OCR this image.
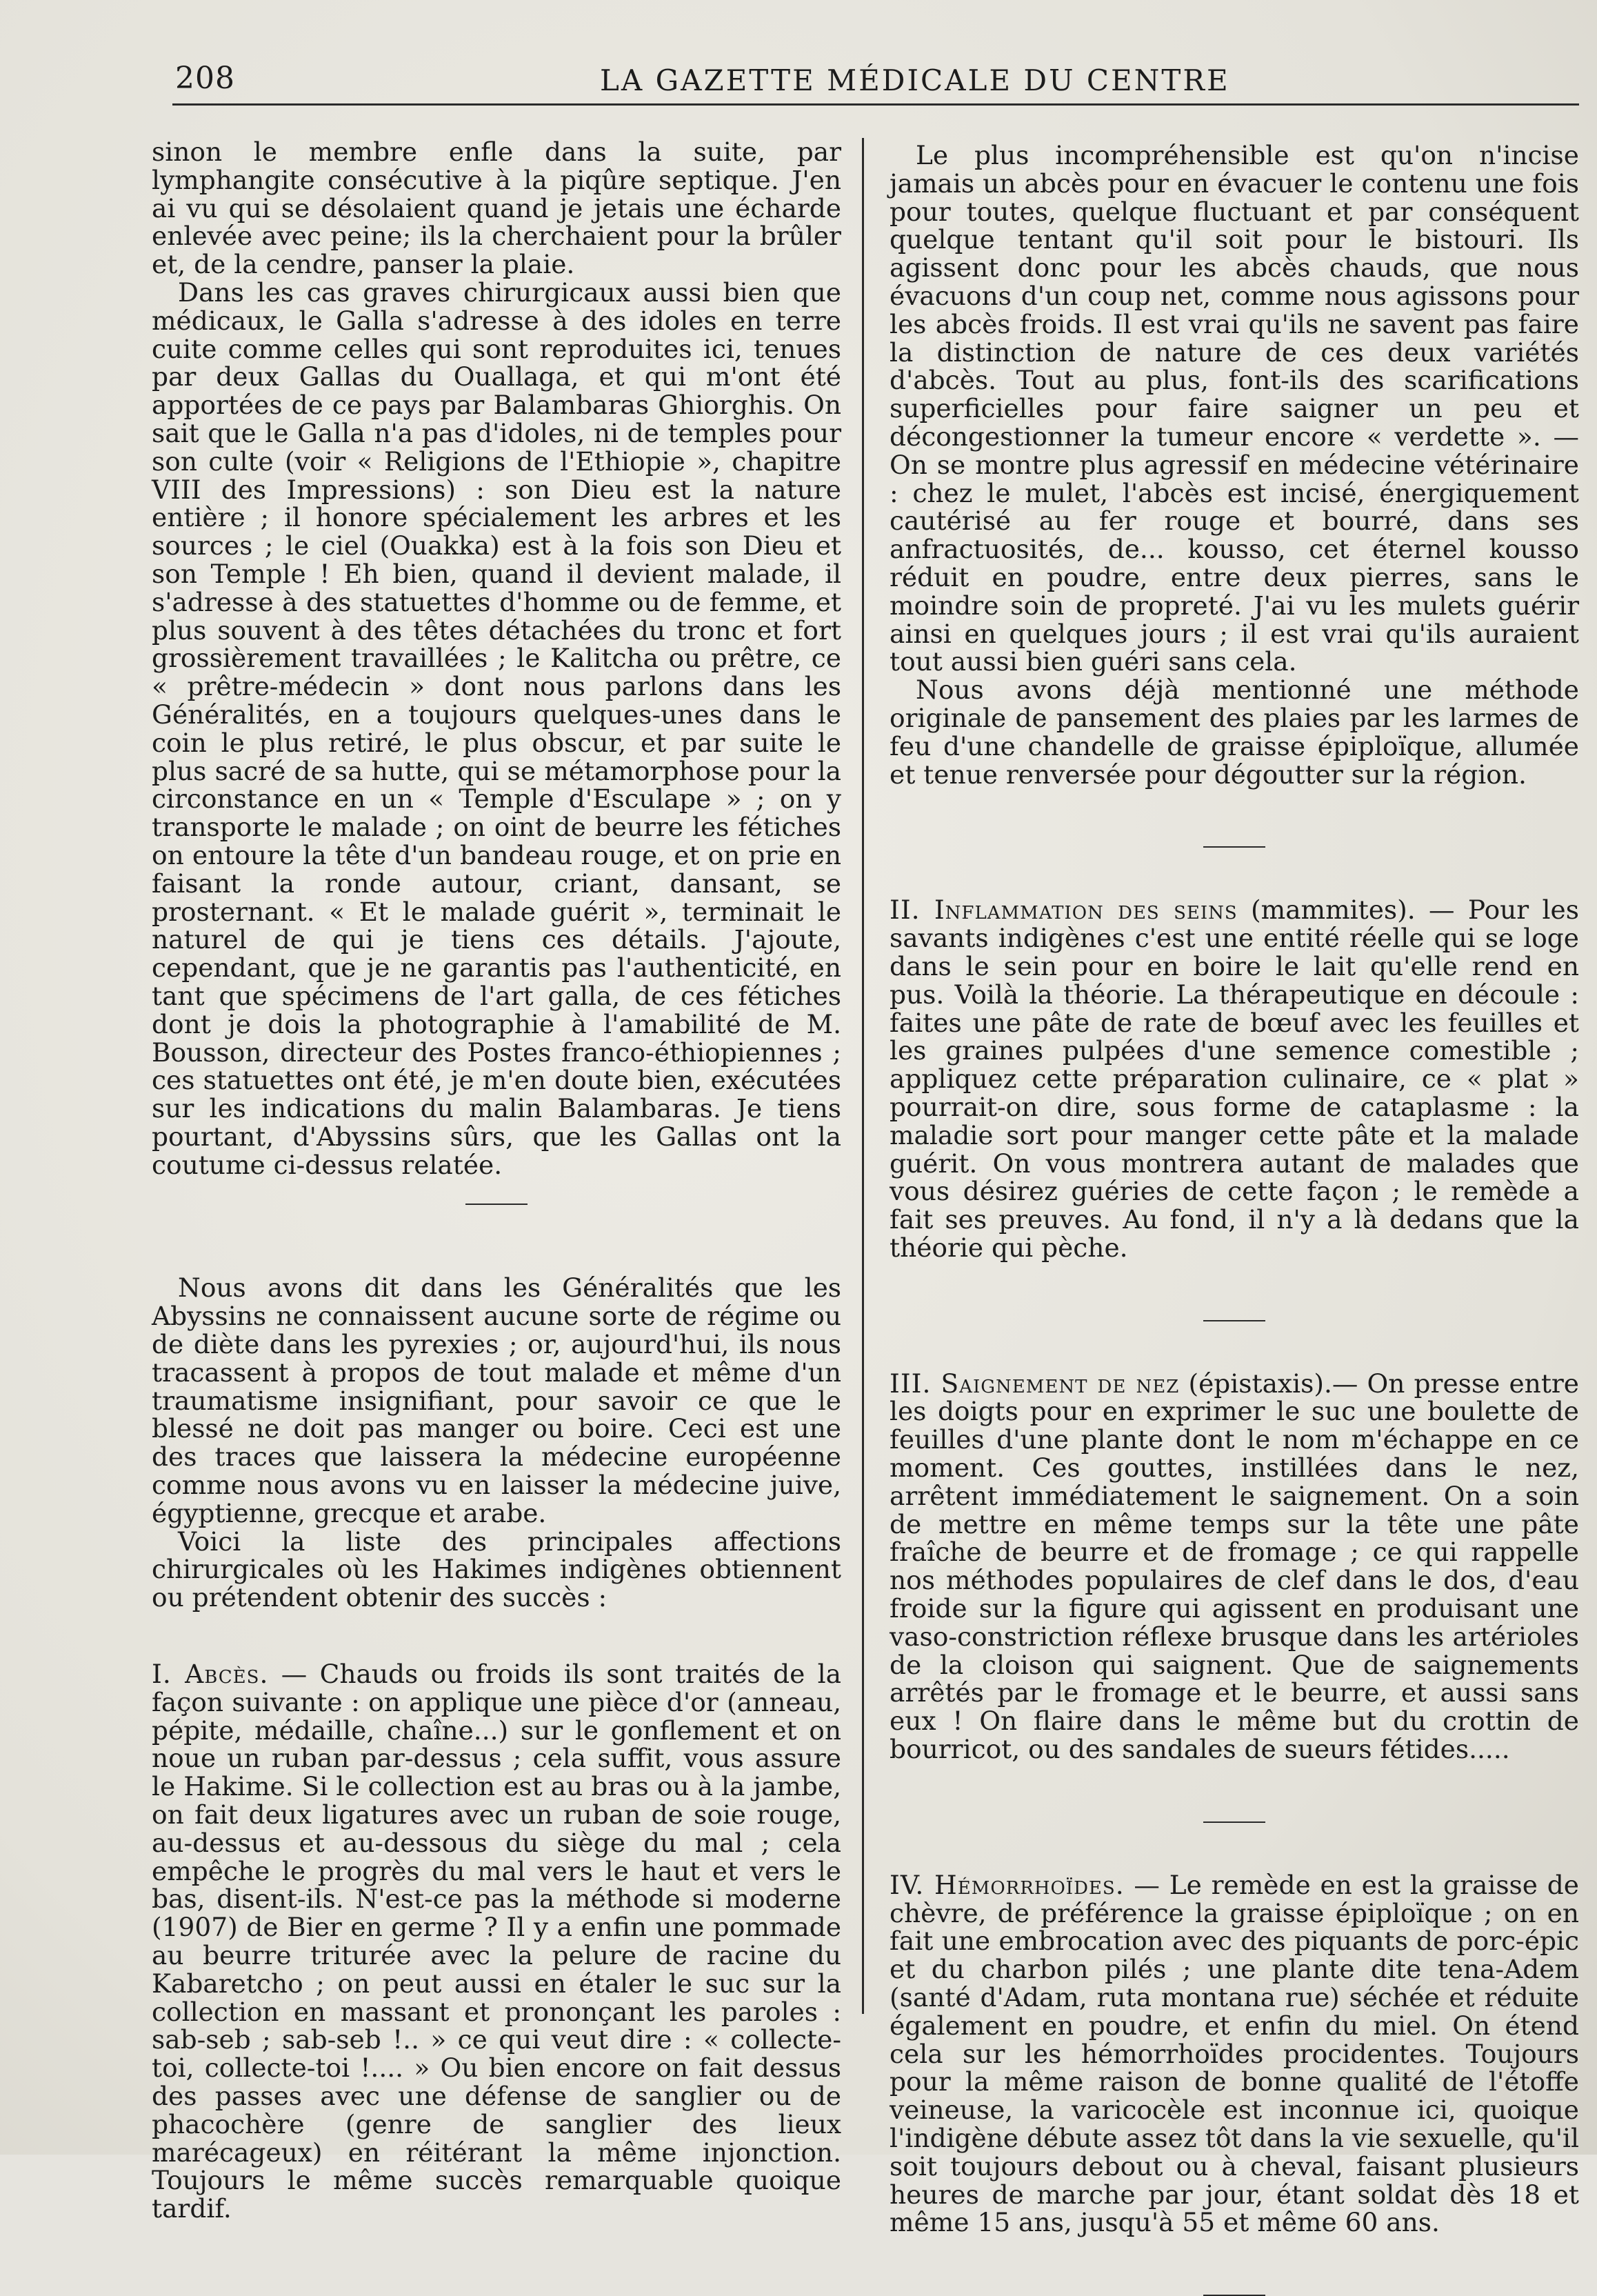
208	LA GAZETTE MÉDICALE DU CENTRE

sinon le membre enfle dans la suite, par lymphangite consécutive à la piqûre septique. J'en ai vu qui se désolaient quand je jetais une écharde enlevée avec peine; ils la cherchaient pour la brûler et, de la cendre, panser la plaie.

Dans les cas graves chirurgicaux aussi bien que médicaux, le Galla s'adresse à des idoles en terre cuite comme celles qui sont reproduites ici, tenues par deux Gallas du Ouallaga, et qui m'ont été apportées de ce pays par Balambaras Ghiorghis. On sait que le Galla n'a pas d'idoles, ni de temples pour son culte (voir « Religions de l'Ethiopie », chapitre VIII des Impressions) : son Dieu est la nature entière ; il honore spécialement les arbres et les sources ; le ciel (Ouakka) est à la fois son Dieu et son Temple ! Eh bien, quand il devient malade, il s'adresse à des statuettes d'homme ou de femme, et plus souvent à des têtes détachées du tronc et fort grossièrement travaillées ; le Kalitcha ou prêtre, ce « prêtre-médecin » dont nous parlons dans les Généralités, en a toujours quelques-unes dans le coin le plus retiré, le plus obscur, et par suite le plus sacré de sa hutte, qui se métamorphose pour la circonstance en un « Temple d'Esculape » ; on y transporte le malade ; on oint de beurre les fétiches on entoure la tête d'un bandeau rouge, et on prie en faisant la ronde autour, criant, dansant, se prosternant. « Et le malade guérit », terminait le naturel de qui je tiens ces détails. J'ajoute, cependant, que je ne garantis pas l'authenticité, en tant que spécimens de l'art galla, de ces fétiches dont je dois la photographie à l'amabilité de M. Bousson, directeur des Postes franco-éthiopiennes ; ces statuettes ont été, je m'en doute bien, exécutées sur les indications du malin Balambaras. Je tiens pourtant, d'Abyssins sûrs, que les Gallas ont la coutume ci-dessus relatée.

Nous avons dit dans les Généralités que les Abyssins ne connaissent aucune sorte de régime ou de diète dans les pyrexies ; or, aujourd'hui, ils nous tracassent à propos de tout malade et même d'un traumatisme insignifiant, pour savoir ce que le blessé ne doit pas manger ou boire. Ceci est une des traces que laissera la médecine européenne comme nous avons vu en laisser la médecine juive, égyptienne, grecque et arabe.

Voici la liste des principales affections chirurgicales où les Hakimes indigènes obtiennent ou prétendent obtenir des succès :

I. Abcès. — Chauds ou froids ils sont traités de la façon suivante : on applique une pièce d'or (anneau, pépite, médaille, chaîne...) sur le gonflement et on noue un ruban par-dessus ; cela suffit, vous assure le Hakime. Si le collection est au bras ou à la jambe, on fait deux ligatures avec un ruban de soie rouge, au-dessus et au-dessous du siège du mal ; cela empêche le progrès du mal vers le haut et vers le bas, disent-ils. N'est-ce pas la méthode si moderne (1907) de Bier en germe ? Il y a enfin une pommade au beurre triturée avec la pelure de racine du Kabaretcho ; on peut aussi en étaler le suc sur la collection en massant et prononçant les paroles : sab-seb ; sab-seb !.. » ce qui veut dire : « collecte-toi, collecte-toi !.... » Ou bien encore on fait dessus des passes avec une défense de sanglier ou de phacochère (genre de sanglier des lieux marécageux) en réitérant la même injonction. Toujours le même succès remarquable quoique tardif.

Le plus incompréhensible est qu'on n'incise jamais un abcès pour en évacuer le contenu une fois pour toutes, quelque fluctuant et par conséquent quelque tentant qu'il soit pour le bistouri. Ils agissent donc pour les abcès chauds, que nous évacuons d'un coup net, comme nous agissons pour les abcès froids. Il est vrai qu'ils ne savent pas faire la distinction de nature de ces deux variétés d'abcès. Tout au plus, font-ils des scarifications superficielles pour faire saigner un peu et décongestionner la tumeur encore « verdette ». — On se montre plus agressif en médecine vétérinaire : chez le mulet, l'abcès est incisé, énergiquement cautérisé au fer rouge et bourré, dans ses anfractuosités, de... kousso, cet éternel kousso réduit en poudre, entre deux pierres, sans le moindre soin de propreté. J'ai vu les mulets guérir ainsi en quelques jours ; il est vrai qu'ils auraient tout aussi bien guéri sans cela.

Nous avons déjà mentionné une méthode originale de pansement des plaies par les larmes de feu d'une chandelle de graisse épiploïque, allumée et tenue renversée pour dégoutter sur la région.

II. Inflammation des seins (mammites). — Pour les savants indigènes c'est une entité réelle qui se loge dans le sein pour en boire le lait qu'elle rend en pus. Voilà la théorie. La thérapeutique en découle : faites une pâte de rate de bœuf avec les feuilles et les graines pulpées d'une semence comestible ; appliquez cette préparation culinaire, ce « plat » pourrait-on dire, sous forme de cataplasme : la maladie sort pour manger cette pâte et la malade guérit. On vous montrera autant de malades que vous désirez guéries de cette façon ; le remède a fait ses preuves. Au fond, il n'y a là dedans que la théorie qui pèche.

III. Saignement de nez (épistaxis).— On presse entre les doigts pour en exprimer le suc une boulette de feuilles d'une plante dont le nom m'échappe en ce moment. Ces gouttes, instillées dans le nez, arrêtent immédiatement le saignement. On a soin de mettre en même temps sur la tête une pâte fraîche de beurre et de fromage ; ce qui rappelle nos méthodes populaires de clef dans le dos, d'eau froide sur la figure qui agissent en produisant une vaso-constriction réflexe brusque dans les artérioles de la cloison qui saignent. Que de saignements arrêtés par le fromage et le beurre, et aussi sans eux ! On flaire dans le même but du crottin de bourricot, ou des sandales de sueurs fétides.....

IV. Hémorrhoïdes. — Le remède en est la graisse de chèvre, de préférence la graisse épiploïque ; on en fait une embrocation avec des piquants de porc-épic et du charbon pilés ; une plante dite tena-Adem (santé d'Adam, ruta montana rue) séchée et réduite également en poudre, et enfin du miel. On étend cela sur les hémorrhoïdes procidentes. Toujours pour la même raison de bonne qualité de l'étoffe veineuse, la varicocèle est inconnue ici, quoique l'indigène débute assez tôt dans la vie sexuelle, qu'il soit toujours debout ou à cheval, faisant plusieurs heures de marche par jour, étant soldat dès 18 et même 15 ans, jusqu'à 55 et même 60 ans.
